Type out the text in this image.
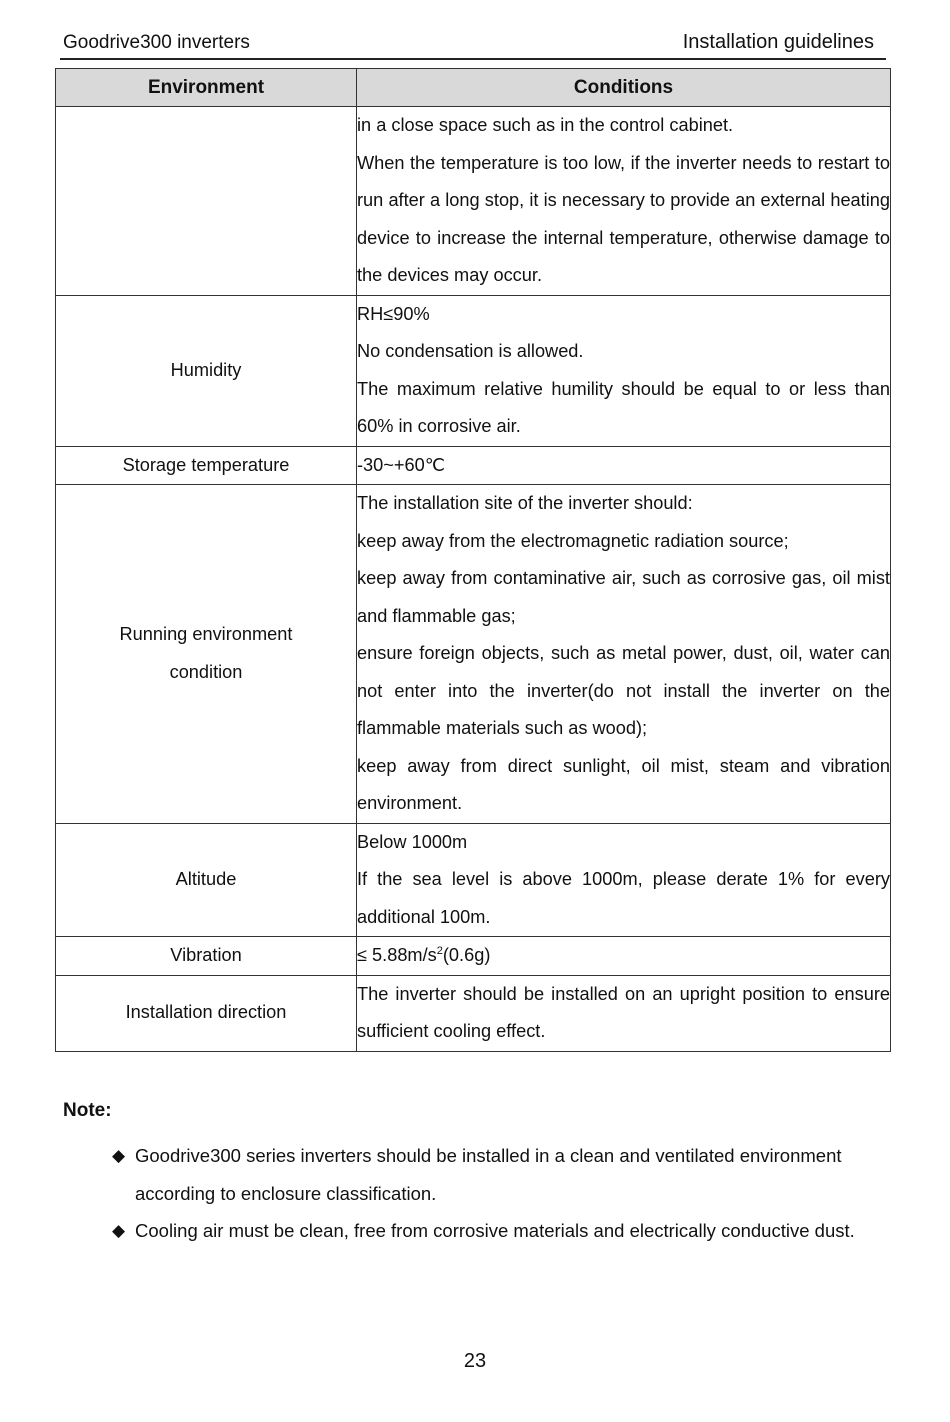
Goodrive300 inverters	Installation guidelines
Environment	Conditions

	in a close space such as in the control cabinet.

When the temperature is too low, if the inverter needs to restart to run after a long stop, it is necessary to provide an external heating device to increase the internal temperature, otherwise damage to the devices may occur.

Humidity	RH≤90%

No condensation is allowed.

The maximum relative humility should be equal to or less than 60% in corrosive air.

Storage temperature	-30~+60℃

Running environment condition	The installation site of the inverter should:

keep away from the electromagnetic radiation source;

keep away from contaminative air, such as corrosive gas, oil mist and flammable gas;

ensure foreign objects, such as metal power, dust, oil, water can not enter into the inverter(do not install the inverter on the flammable materials such as wood);

keep away from direct sunlight, oil mist, steam and vibration environment.

Altitude	Below 1000m

If the sea level is above 1000m, please derate 1% for every additional 100m.

Vibration	≤ $5.88m/s^2(0.6g)$

Installation direction	The inverter should be installed on an upright position to ensure sufficient cooling effect.

Note:
◆ Goodrive300 series inverters should be installed in a clean and ventilated environment according to enclosure classification.
◆ Cooling air must be clean, free from corrosive materials and electrically conductive dust.
23
